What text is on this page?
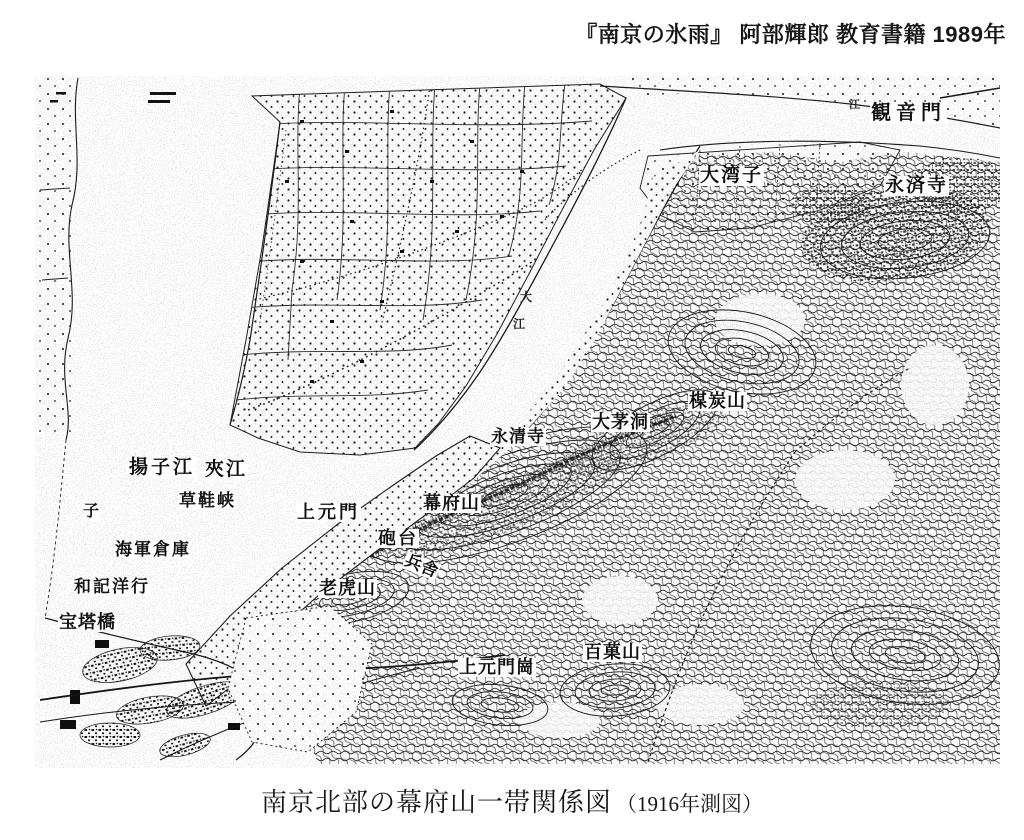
観音門
永済寺
大湾子
楳炭山
大茅洞
永清寺
幕府山
砲台
兵舎
上元門
老虎山
揚子江 夾江
草鞋峡
子
海軍倉庫
和記洋行
宝塔橋
上元門崗
百菓山
江
大
江
『南京の氷雨』 阿部輝郎 教育書籍 1989年
南京北部の幕府山一帯関係図 （1916年測図）
